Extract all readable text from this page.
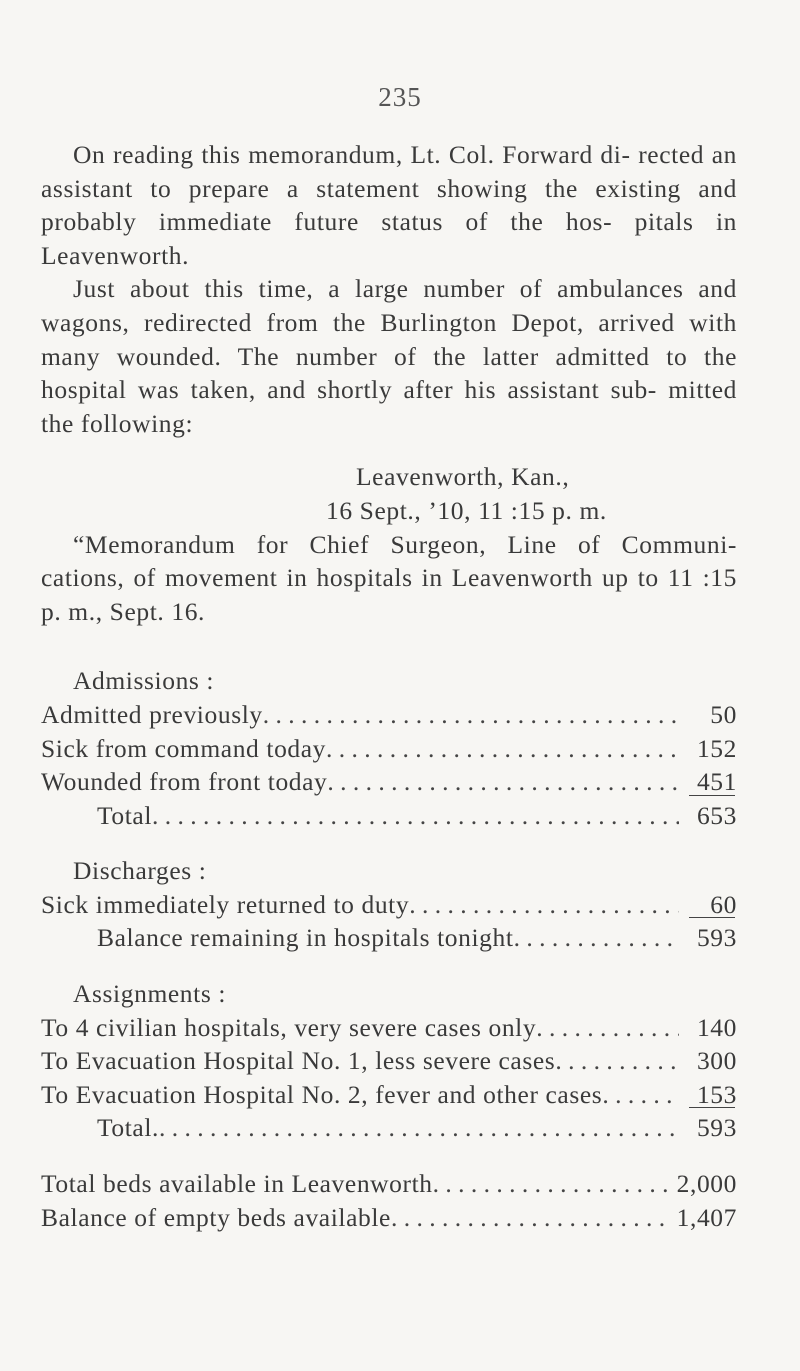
235

On reading this memorandum, Lt. Col. Forward di- rected an assistant to prepare a statement showing the existing and probably immediate future status of the hos- pitals in Leavenworth.

Just about this time, a large number of ambulances and wagons, redirected from the Burlington Depot, arrived with many wounded. The number of the latter admitted to the hospital was taken, and shortly after his assistant sub- mitted the following:

Leavenworth, Kan.,

16 Sept., ’10, 11 :15 p. m.

“Memorandum for Chief Surgeon, Line of Communi- cations, of movement in hospitals in Leavenworth up to 11 :15 p. m., Sept. 16.

Admissions :

Admitted previously . . .	50
Sick from command today . . .	152
Wounded from front today . . .	451
Total . . .	653

Discharges :

Sick immediately returned to duty . . .	60
Balance remaining in hospitals tonight . . .	593

Assignments :

To 4 civilian hospitals, very severe cases only . . .	140
To Evacuation Hospital No. 1, less severe cases . . .	300
To Evacuation Hospital No. 2, fever and other cases . . .	153
Total. . . .	593
Total beds available in Leavenworth . . .	2,000
Balance of empty beds available . . .	1,407
